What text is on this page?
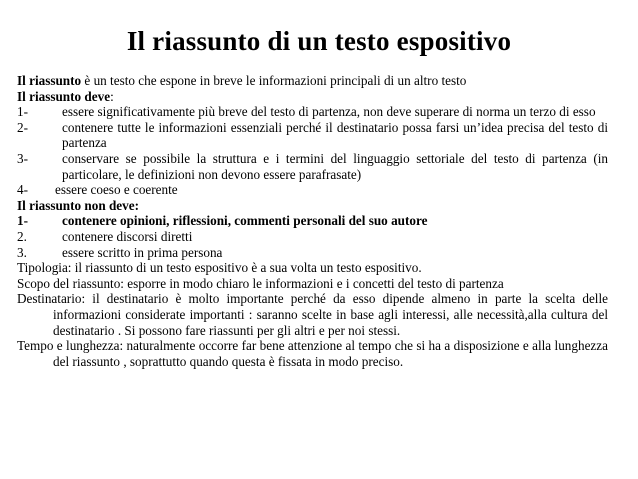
Il riassunto di un testo espositivo

Il riassunto è un testo che espone in breve le informazioni principali di un altro testo

Il riassunto deve:

1-	essere significativamente più breve del testo di partenza, non deve superare di norma un terzo di esso
2-	contenere tutte le informazioni essenziali perché il destinatario possa farsi un’idea precisa del testo di partenza
3-	conservare se possibile la struttura e i termini del linguaggio settoriale del testo di partenza (in particolare, le definizioni non devono essere parafrasate)
4- essere coeso e coerente

Il riassunto non deve:

1-	contenere opinioni, riflessioni, commenti personali del suo autore
2.	contenere discorsi diretti
3.	essere scritto in prima persona

Tipologia: il riassunto di un testo espositivo è a sua volta un testo espositivo.

Scopo del riassunto: esporre in modo chiaro le informazioni e i concetti del testo di partenza

Destinatario: il destinatario è molto importante perché da esso dipende almeno in parte la scelta delle informazioni considerate importanti : saranno scelte in base agli interessi, alle necessità,alla cultura del destinatario . Si possono fare riassunti per gli altri e per noi stessi.

Tempo e lunghezza: naturalmente occorre far bene attenzione al tempo che si ha a disposizione e alla lunghezza del riassunto , soprattutto quando questa è fissata in modo preciso.
